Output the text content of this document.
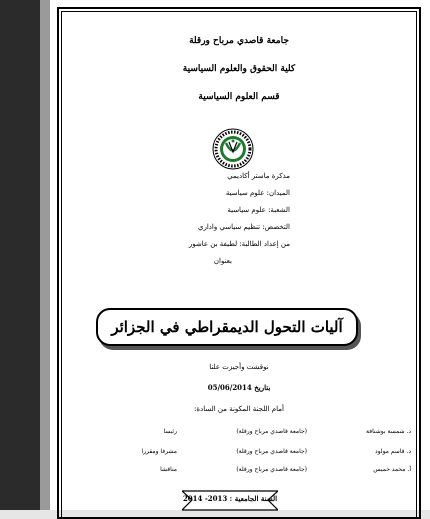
جامعة قاصدي مرباح ورقلة
كلية الحقوق والعلوم السياسية
قسم العلوم السياسية
مذكرة ماستر أكاديمي
الميدان: علوم سياسية
الشعبة: علوم سياسية
التخصص: تنظيم سياسي واداري
من إعداد الطالبة: لطيفة بن عاشور
بعنوان
آليات التحول الديمقراطي في الجزائر
نوقشت وأجيزت علنا
بتاريخ 05/06/2014
أمام اللجنة المكونة من السادة:
د. شمسة بوشنافة
(جامعة قاصدي مرباح ورقلة)
رئيسا
د. قاسم مولود
(جامعة قاصدي مرباح ورقلة)
مشرفا ومقررا
أ. محمد خميس
(جامعة قاصدي مرباح ورقلة)
مناقشا
السنة الجامعية : 2013- 2014
